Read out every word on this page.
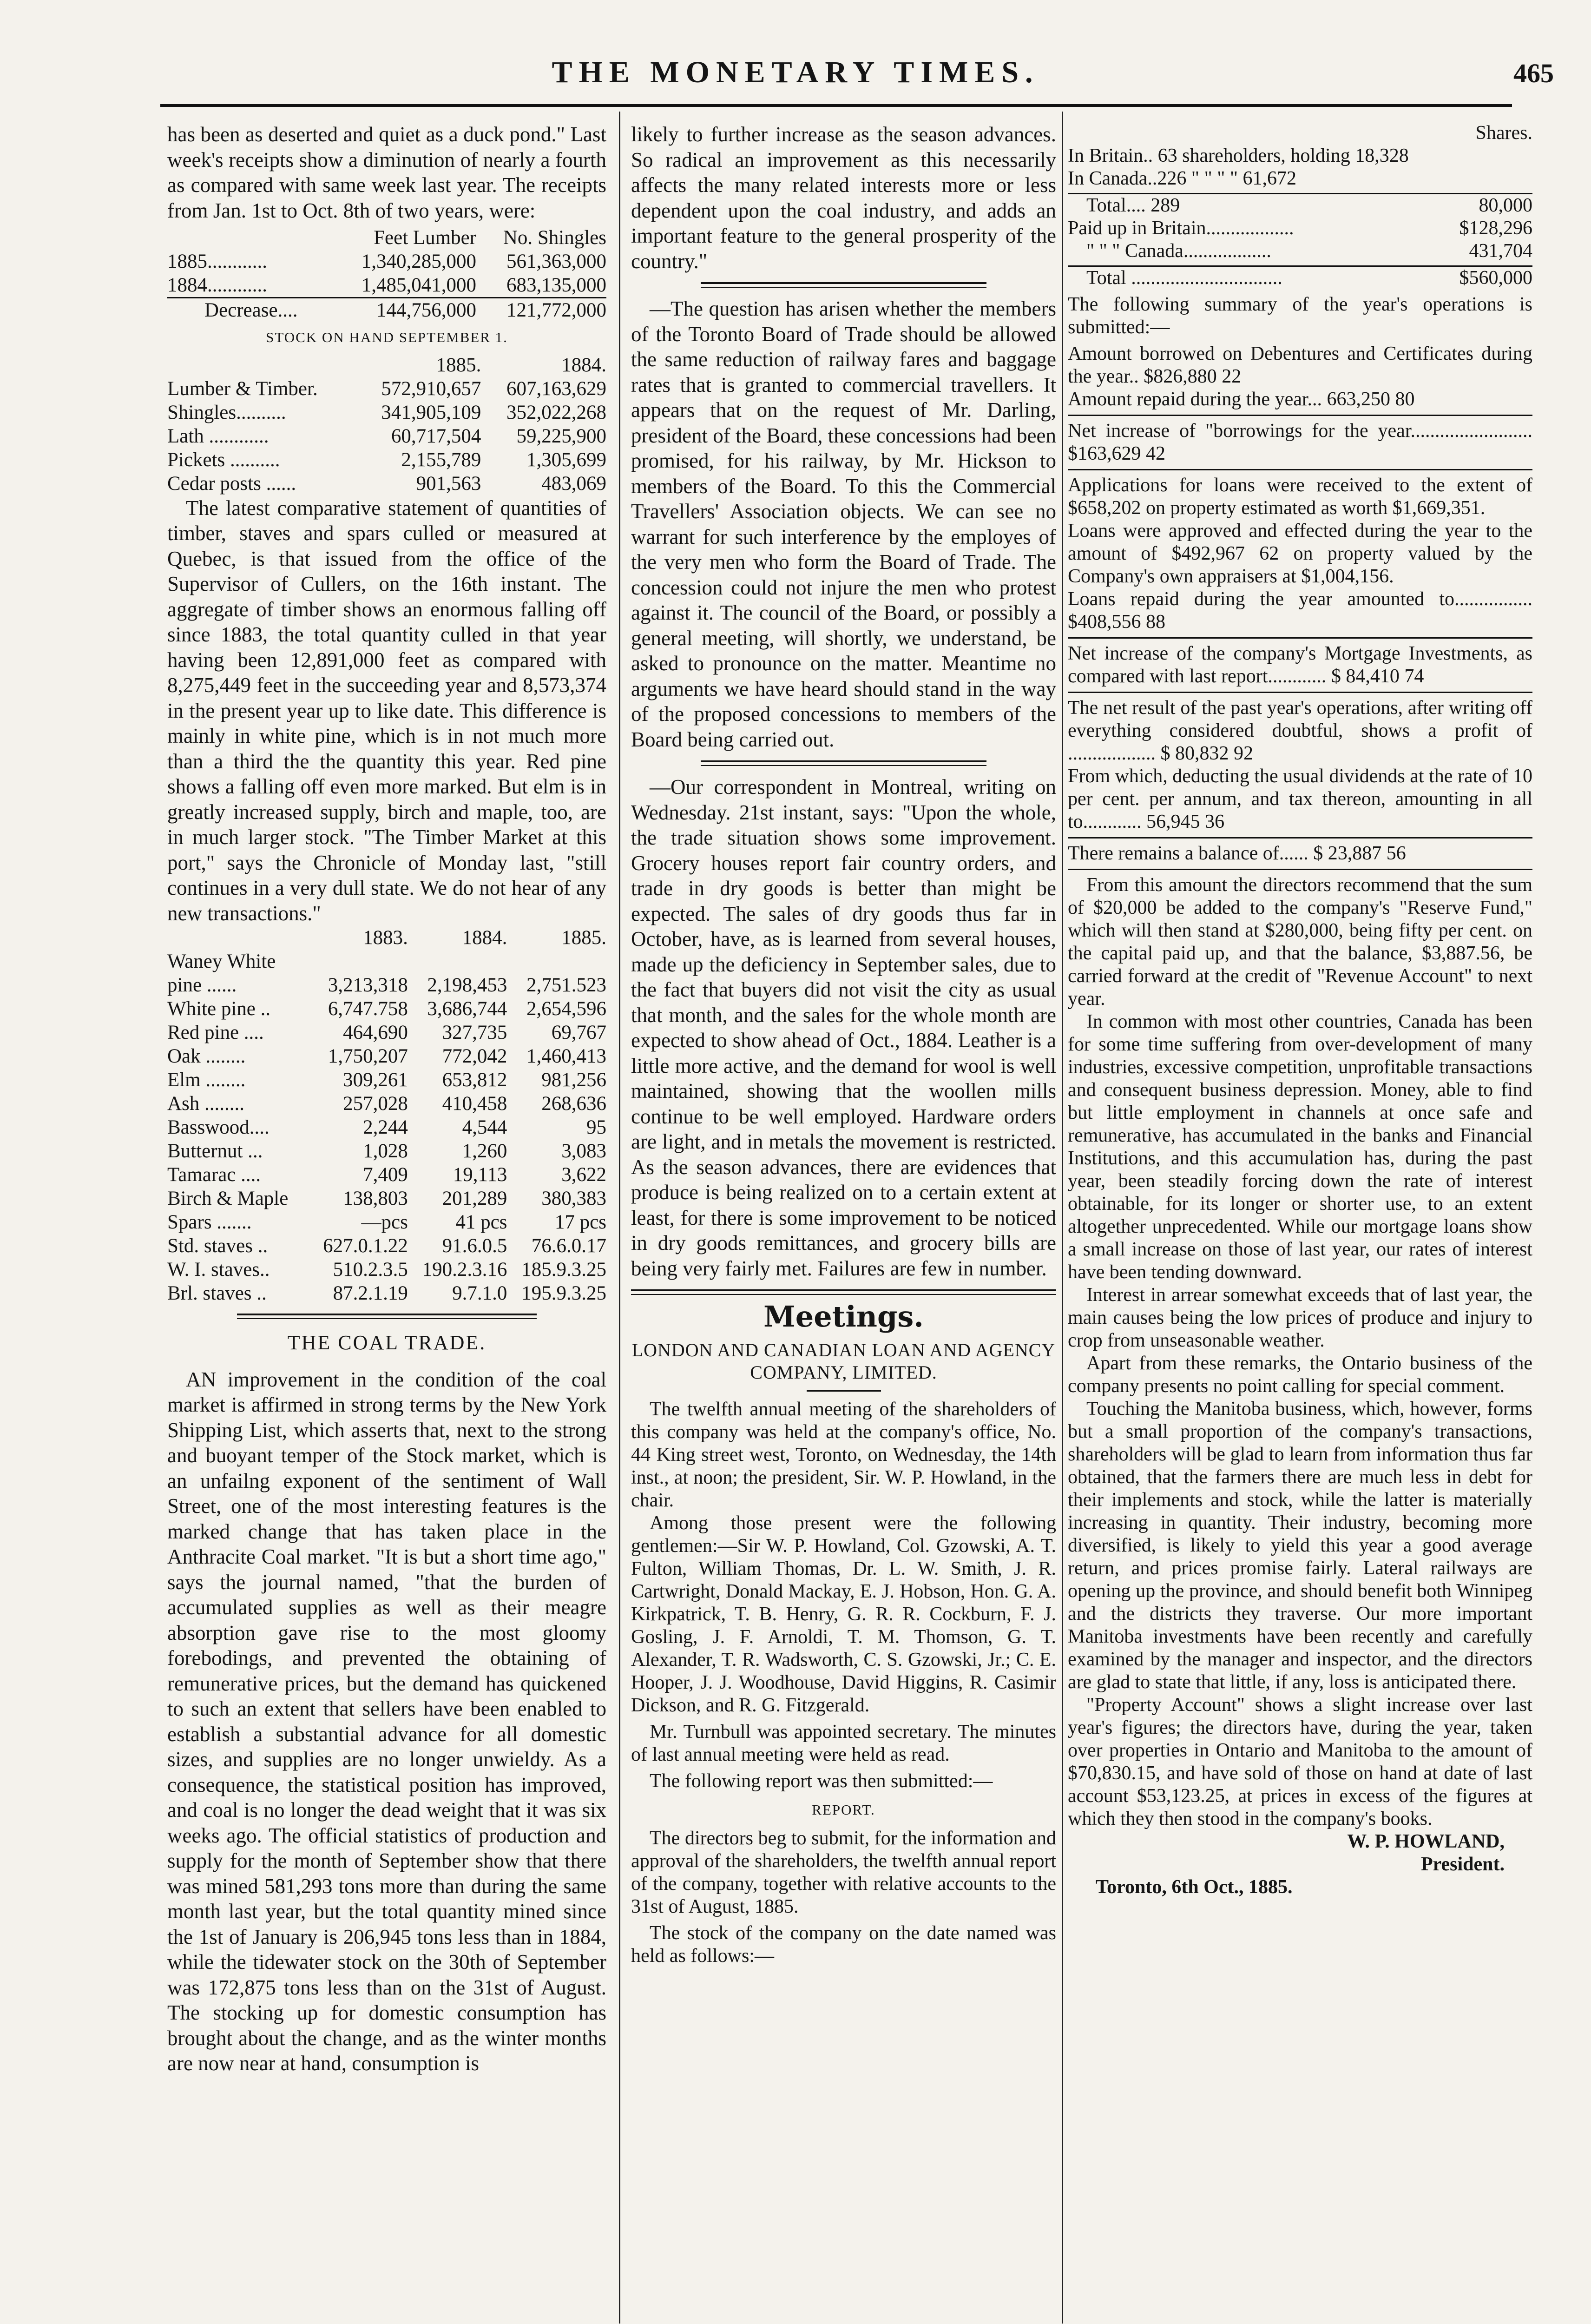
THE MONETARY TIMES.	465

has been as deserted and quiet as a duck pond." Last week's receipts show a diminution of nearly a fourth as compared with same week last year. The receipts from Jan. 1st to Oct. 8th of two years, were:

	Feet Lumber	No. Shingles
1885............	1,340,285,000	561,363,000
1884............	1,485,041,000	683,135,000
Decrease....	144,756,000	121,772,000
STOCK ON HAND SEPTEMBER 1.
	1885.	1884.
Lumber & Timber.	572,910,657	607,163,629
Shingles..........	341,905,109	352,022,268
Lath ............	60,717,504	59,225,900
Pickets ..........	2,155,789	1,305,699
Cedar posts ......	901,563	483,069

The latest comparative statement of quantities of timber, staves and spars culled or measured at Quebec, is that issued from the office of the Supervisor of Cullers, on the 16th instant. The aggregate of timber shows an enormous falling off since 1883, the total quantity culled in that year having been 12,891,000 feet as compared with 8,275,449 feet in the succeeding year and 8,573,374 in the present year up to like date. This difference is mainly in white pine, which is in not much more than a third the the quantity this year. Red pine shows a falling off even more marked. But elm is in greatly increased supply, birch and maple, too, are in much larger stock. "The Timber Market at this port," says the Chronicle of Monday last, "still continues in a very dull state. We do not hear of any new transactions."

	1883.	1884.	1885.
Waney White			
pine ......	3,213,318	2,198,453	2,751.523
White pine ..	6,747.758	3,686,744	2,654,596
Red pine ....	464,690	327,735	69,767
Oak ........	1,750,207	772,042	1,460,413
Elm ........	309,261	653,812	981,256
Ash ........	257,028	410,458	268,636
Basswood....	2,244	4,544	95
Butternut ...	1,028	1,260	3,083
Tamarac ....	7,409	19,113	3,622
Birch & Maple	138,803	201,289	380,383
Spars .......	—pcs	41 pcs	17 pcs
Std. staves ..	627.0.1.22	91.6.0.5	76.6.0.17
W. I. staves..	510.2.3.5	190.2.3.16	185.9.3.25
Brl. staves ..	87.2.1.19	9.7.1.0	195.9.3.25
THE COAL TRADE.

AN improvement in the condition of the coal market is affirmed in strong terms by the New York Shipping List, which asserts that, next to the strong and buoyant temper of the Stock market, which is an unfailng exponent of the sentiment of Wall Street, one of the most interesting features is the marked change that has taken place in the Anthracite Coal market. "It is but a short time ago," says the journal named, "that the burden of accumulated supplies as well as their meagre absorption gave rise to the most gloomy forebodings, and prevented the obtaining of remunerative prices, but the demand has quickened to such an extent that sellers have been enabled to establish a substantial advance for all domestic sizes, and supplies are no longer unwieldy. As a consequence, the statistical position has improved, and coal is no longer the dead weight that it was six weeks ago. The official statistics of production and supply for the month of September show that there was mined 581,293 tons more than during the same month last year, but the total quantity mined since the 1st of January is 206,945 tons less than in 1884, while the tidewater stock on the 30th of September was 172,875 tons less than on the 31st of August. The stocking up for domestic consumption has brought about the change, and as the winter months are now near at hand, consumption is

likely to further increase as the season advances. So radical an improvement as this necessarily affects the many related interests more or less dependent upon the coal industry, and adds an important feature to the general prosperity of the country."

—The question has arisen whether the members of the Toronto Board of Trade should be allowed the same reduction of railway fares and baggage rates that is granted to commercial travellers. It appears that on the request of Mr. Darling, president of the Board, these concessions had been promised, for his railway, by Mr. Hickson to members of the Board. To this the Commercial Travellers' Association objects. We can see no warrant for such interference by the employes of the very men who form the Board of Trade. The concession could not injure the men who protest against it. The council of the Board, or possibly a general meeting, will shortly, we understand, be asked to pronounce on the matter. Meantime no arguments we have heard should stand in the way of the proposed concessions to members of the Board being carried out.

—Our correspondent in Montreal, writing on Wednesday. 21st instant, says: "Upon the whole, the trade situation shows some improvement. Grocery houses report fair country orders, and trade in dry goods is better than might be expected. The sales of dry goods thus far in October, have, as is learned from several houses, made up the deficiency in September sales, due to the fact that buyers did not visit the city as usual that month, and the sales for the whole month are expected to show ahead of Oct., 1884. Leather is a little more active, and the demand for wool is well maintained, showing that the woollen mills continue to be well employed. Hardware orders are light, and in metals the movement is restricted. As the season advances, there are evidences that produce is being realized on to a certain extent at least, for there is some improvement to be noticed in dry goods remittances, and grocery bills are being very fairly met. Failures are few in number.

Meetings.
LONDON AND CANADIAN LOAN AND AGENCY COMPANY, LIMITED.

The twelfth annual meeting of the shareholders of this company was held at the company's office, No. 44 King street west, Toronto, on Wednesday, the 14th inst., at noon; the president, Sir. W. P. Howland, in the chair.

Among those present were the following gentlemen:—Sir W. P. Howland, Col. Gzowski, A. T. Fulton, William Thomas, Dr. L. W. Smith, J. R. Cartwright, Donald Mackay, E. J. Hobson, Hon. G. A. Kirkpatrick, T. B. Henry, G. R. R. Cockburn, F. J. Gosling, J. F. Arnoldi, T. M. Thomson, G. T. Alexander, T. R. Wadsworth, C. S. Gzowski, Jr.; C. E. Hooper, J. J. Woodhouse, David Higgins, R. Casimir Dickson, and R. G. Fitzgerald.

Mr. Turnbull was appointed secretary. The minutes of last annual meeting were held as read.

The following report was then submitted:—

REPORT.

The directors beg to submit, for the information and approval of the shareholders, the twelfth annual report of the company, together with relative accounts to the 31st of August, 1885.

The stock of the company on the date named was held as follows:—

Shares.
In Britain.. 63 shareholders, holding 18,328
In Canada..226 " " " " 61,672
Total.... 289	80,000
Paid up in Britain..................	$128,296
" " " Canada..................	431,704
Total ...............................	$560,000

The following summary of the year's operations is submitted:—

Amount borrowed on Debentures and Certificates during the year.. $826,880 22

Amount repaid during the year... 663,250 80

Net increase of "borrowings for the year......................... $163,629 42

Applications for loans were received to the extent of $658,202 on property estimated as worth $1,669,351.

Loans were approved and effected during the year to the amount of $492,967 62 on property valued by the Company's own appraisers at $1,004,156.

Loans repaid during the year amounted to................ $408,556 88

Net increase of the company's Mortgage Investments, as compared with last report............ $ 84,410 74

The net result of the past year's operations, after writing off everything considered doubtful, shows a profit of .................. $ 80,832 92

From which, deducting the usual dividends at the rate of 10 per cent. per annum, and tax thereon, amounting in all to............ 56,945 36

There remains a balance of...... $ 23,887 56

From this amount the directors recommend that the sum of $20,000 be added to the company's "Reserve Fund," which will then stand at $280,000, being fifty per cent. on the capital paid up, and that the balance, $3,887.56, be carried forward at the credit of "Revenue Account" to next year.

In common with most other countries, Canada has been for some time suffering from over-development of many industries, excessive competition, unprofitable transactions and consequent business depression. Money, able to find but little employment in channels at once safe and remunerative, has accumulated in the banks and Financial Institutions, and this accumulation has, during the past year, been steadily forcing down the rate of interest obtainable, for its longer or shorter use, to an extent altogether unprecedented. While our mortgage loans show a small increase on those of last year, our rates of interest have been tending downward.

Interest in arrear somewhat exceeds that of last year, the main causes being the low prices of produce and injury to crop from unseasonable weather.

Apart from these remarks, the Ontario business of the company presents no point calling for special comment.

Touching the Manitoba business, which, however, forms but a small proportion of the company's transactions, shareholders will be glad to learn from information thus far obtained, that the farmers there are much less in debt for their implements and stock, while the latter is materially increasing in quantity. Their industry, becoming more diversified, is likely to yield this year a good average return, and prices promise fairly. Lateral railways are opening up the province, and should benefit both Winnipeg and the districts they traverse. Our more important Manitoba investments have been recently and carefully examined by the manager and inspector, and the directors are glad to state that little, if any, loss is anticipated there.

"Property Account" shows a slight increase over last year's figures; the directors have, during the year, taken over properties in Ontario and Manitoba to the amount of $70,830.15, and have sold of those on hand at date of last account $53,123.25, at prices in excess of the figures at which they then stood in the company's books.

W. P. HOWLAND,
President.
Toronto, 6th Oct., 1885.
